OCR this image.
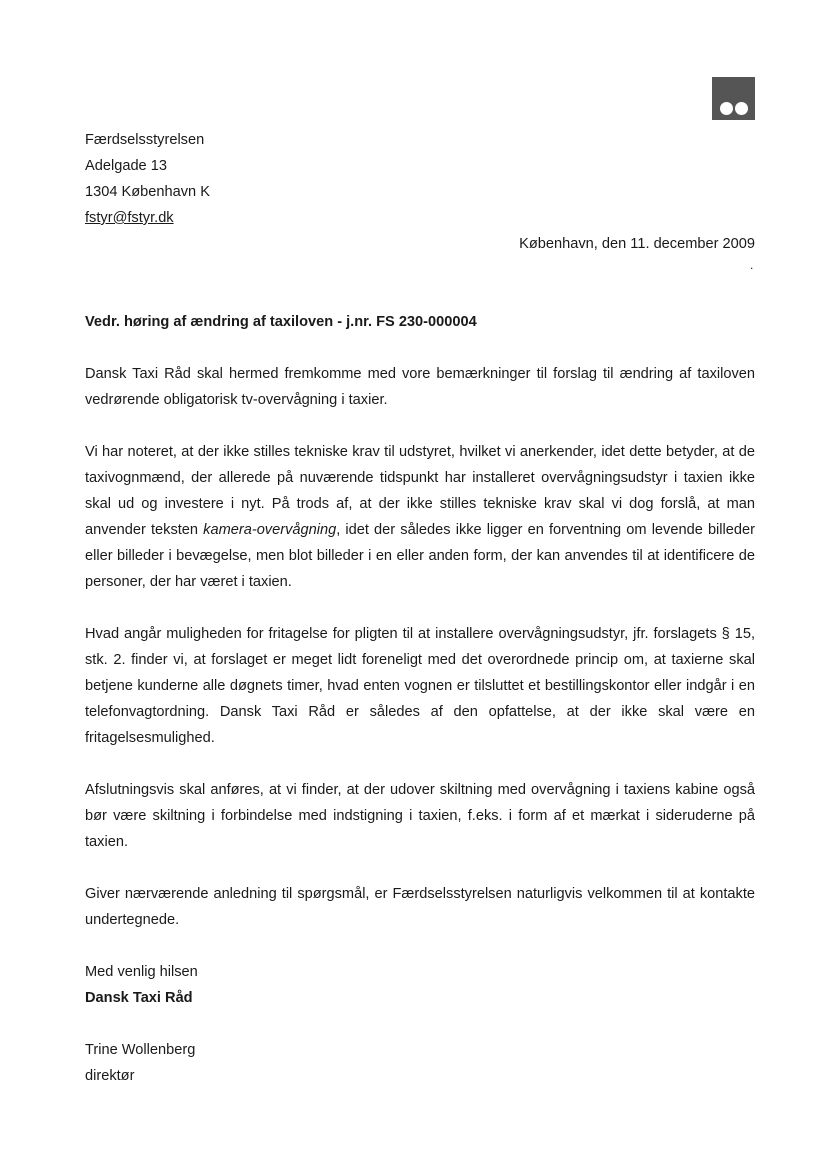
Færdselsstyrelsen
Adelgade 13
1304 København K
fstyr@fstyr.dk
København, den 11. december 2009
.
Vedr. høring af ændring af taxiloven - j.nr. FS 230-000004

Dansk Taxi Råd skal hermed fremkomme med vore bemærkninger til forslag til ændring af taxiloven vedrørende obligatorisk tv-overvågning i taxier.

Vi har noteret, at der ikke stilles tekniske krav til udstyret, hvilket vi anerkender, idet dette betyder, at de taxivognmænd, der allerede på nuværende tidspunkt har installeret overvågningsudstyr i taxien ikke skal ud og investere i nyt. På trods af, at der ikke stilles tekniske krav skal vi dog forslå, at man anvender teksten kamera-overvågning, idet der således ikke ligger en forventning om levende billeder eller billeder i bevægelse, men blot billeder i en eller anden form, der kan anvendes til at identificere de personer, der har været i taxien.

Hvad angår muligheden for fritagelse for pligten til at installere overvågningsudstyr, jfr. forslagets § 15, stk. 2. finder vi, at forslaget er meget lidt foreneligt med det overordnede princip om, at taxierne skal betjene kunderne alle døgnets timer, hvad enten vognen er tilsluttet et bestillingskontor eller indgår i en telefonvagtordning. Dansk Taxi Råd er således af den opfattelse, at der ikke skal være en fritagelsesmulighed.

Afslutningsvis skal anføres, at vi finder, at der udover skiltning med overvågning i taxiens kabine også bør være skiltning i forbindelse med indstigning i taxien, f.eks. i form af et mærkat i sideruderne på taxien.

Giver nærværende anledning til spørgsmål, er Færdselsstyrelsen naturligvis velkommen til at kontakte undertegnede.

Med venlig hilsen
Dansk Taxi Råd
Trine Wollenberg
direktør
